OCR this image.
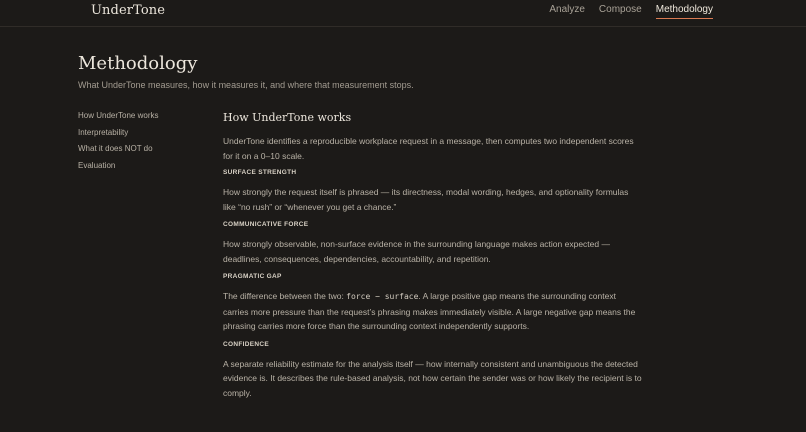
UnderTone	Analyze Compose Methodology
Methodology

What UnderTone measures, how it measures it, and where that measurement stops.

How UnderTone works
Interpretability
What it does NOT do
Evaluation
How UnderTone works

UnderTone identifies a reproducible workplace request in a message, then computes two independent scores for it on a 0–10 scale.

SURFACE STRENGTH

How strongly the request itself is phrased — its directness, modal wording, hedges, and optionality formulas like “no rush” or “whenever you get a chance.”

COMMUNICATIVE FORCE

How strongly observable, non-surface evidence in the surrounding language makes action expected — deadlines, consequences, dependencies, accountability, and repetition.

PRAGMATIC GAP

The difference between the two: force − surface. A large positive gap means the surrounding context carries more pressure than the request’s phrasing makes immediately visible. A large negative gap means the phrasing carries more force than the surrounding context independently supports.

CONFIDENCE

A separate reliability estimate for the analysis itself — how internally consistent and unambiguous the detected evidence is. It describes the rule-based analysis, not how certain the sender was or how likely the recipient is to comply.
